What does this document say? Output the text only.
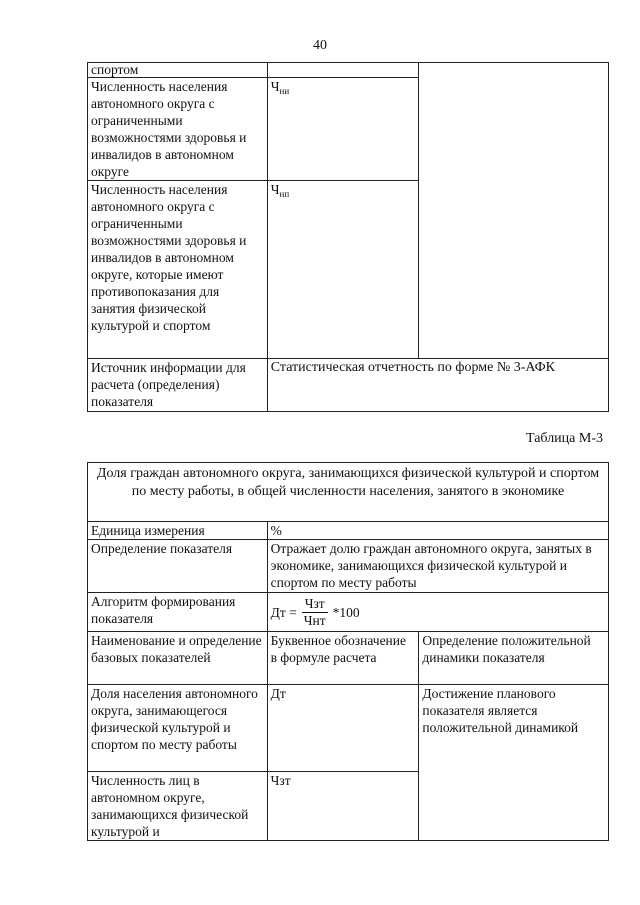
40
спортом		
Численность населения автономного округа с ограниченными возможностями здоровья и инвалидов в автономном округе	$Ч_{ни}$
Численность населения автономного округа с ограниченными возможностями здоровья и инвалидов в автономном округе, которые имеют противопоказания для занятия физической культурой и спортом	$Ч_{нп}$
Источник информации для расчета (определения) показателя	Статистическая отчетность по форме № 3-АФК	
Таблица М-3
Доля граждан автономного округа, занимающихся физической культурой и спортом по месту работы, в общей численности населения, занятого в экономике		
Единица измерения	%	
Определение показателя	Отражает долю граждан автономного округа, занятых в экономике, занимающихся физической культурой и спортом по месту работы	
Алгоритм формирования показателя	Дт = $\frac{\text{Чзт}}{\text{Чнт}} *100$	

Наименование и определение базовых показателей	Буквенное обозначение в формуле расчета	Определение положительной динамики показателя
Доля населения автономного округа, занимающегося физической культурой и спортом по месту работы	Дт	Достижение планового показателя является положительной динамикой
Численность лиц в автономном округе, занимающихся физической культурой и	Чзт	
